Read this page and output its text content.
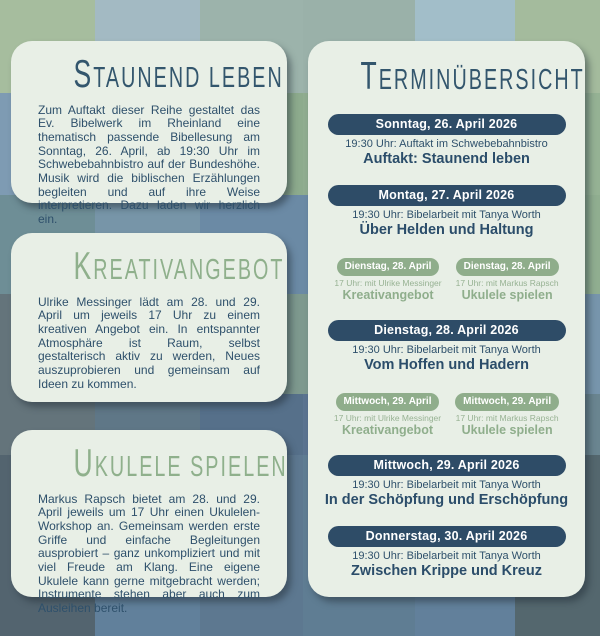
STAUNEND LEBEN

Zum Auftakt dieser Reihe gestaltet das Ev. Bibelwerk im Rheinland eine thematisch passende Bibellesung am Sonntag, 26. April, ab 19:30 Uhr im Schwebebahnbistro auf der Bundeshöhe. Musik wird die biblischen Erzählungen begleiten und auf ihre Weise interpretieren. Dazu laden wir herzlich ein.

KREATIVANGEBOT

Ulrike Messinger lädt am 28. und 29. April um jeweils 17 Uhr zu einem kreativen Angebot ein. In entspannter Atmosphäre ist Raum, selbst gestalterisch aktiv zu werden, Neues auszuprobieren und gemeinsam auf Ideen zu kommen.

UKULELE SPIELEN

Markus Rapsch bietet am 28. und 29. April jeweils um 17 Uhr einen Ukulelen-Workshop an. Gemeinsam werden erste Griffe und einfache Begleitungen ausprobiert – ganz unkompliziert und mit viel Freude am Klang. Eine eigene Ukulele kann gerne mitgebracht werden; Instrumente stehen aber auch zum Ausleihen bereit.

TERMINÜBERSICHT
Sonntag, 26. April 2026
19:30 Uhr: Auftakt im Schwebebahnbistro
Auftakt: Staunend leben
Montag, 27. April 2026
19:30 Uhr: Bibelarbeit mit Tanya Worth
Über Helden und Haltung
Dienstag, 28. April
17 Uhr: mit Ulrike Messinger
Kreativangebot
Dienstag, 28. April
17 Uhr: mit Markus Rapsch
Ukulele spielen
Dienstag, 28. April 2026
19:30 Uhr: Bibelarbeit mit Tanya Worth
Vom Hoffen und Hadern
Mittwoch, 29. April
17 Uhr: mit Ulrike Messinger
Kreativangebot
Mittwoch, 29. April
17 Uhr: mit Markus Rapsch
Ukulele spielen
Mittwoch, 29. April 2026
19:30 Uhr: Bibelarbeit mit Tanya Worth
In der Schöpfung und Erschöpfung
Donnerstag, 30. April 2026
19:30 Uhr: Bibelarbeit mit Tanya Worth
Zwischen Krippe und Kreuz
